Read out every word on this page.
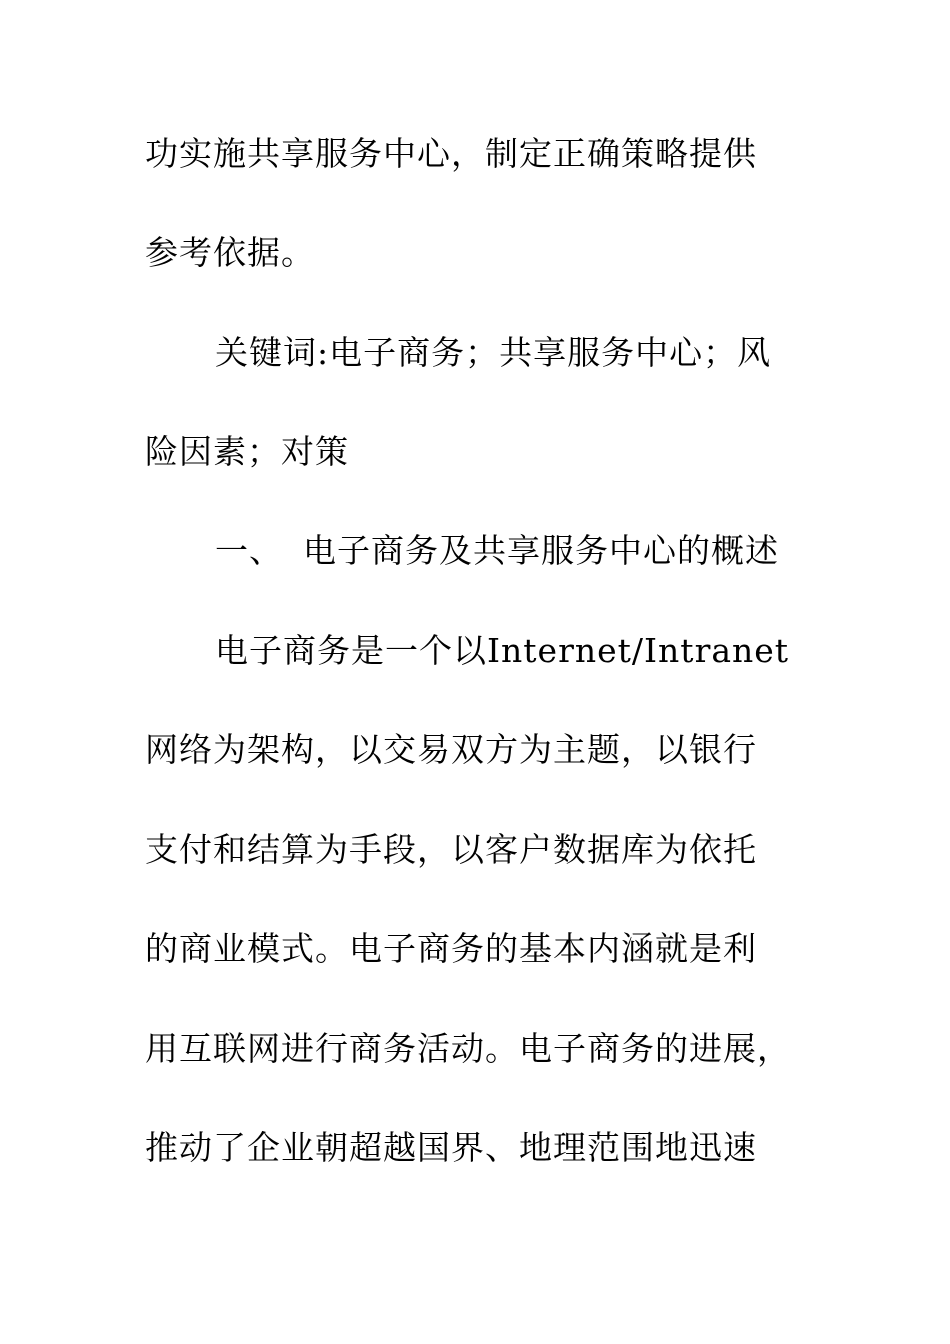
功实施共享服务中心，制定正确策略提供
参考依据。
关键词:电子商务；共享服务中心；风
险因素；对策
一、 电子商务及共享服务中心的概述
电子商务是一个以Internet/Intranet
网络为架构，以交易双方为主题，以银行
支付和结算为手段，以客户数据库为依托
的商业模式。电子商务的基本内涵就是利
用互联网进行商务活动。电子商务的进展，
推动了企业朝超越国界、地理范围地迅速
